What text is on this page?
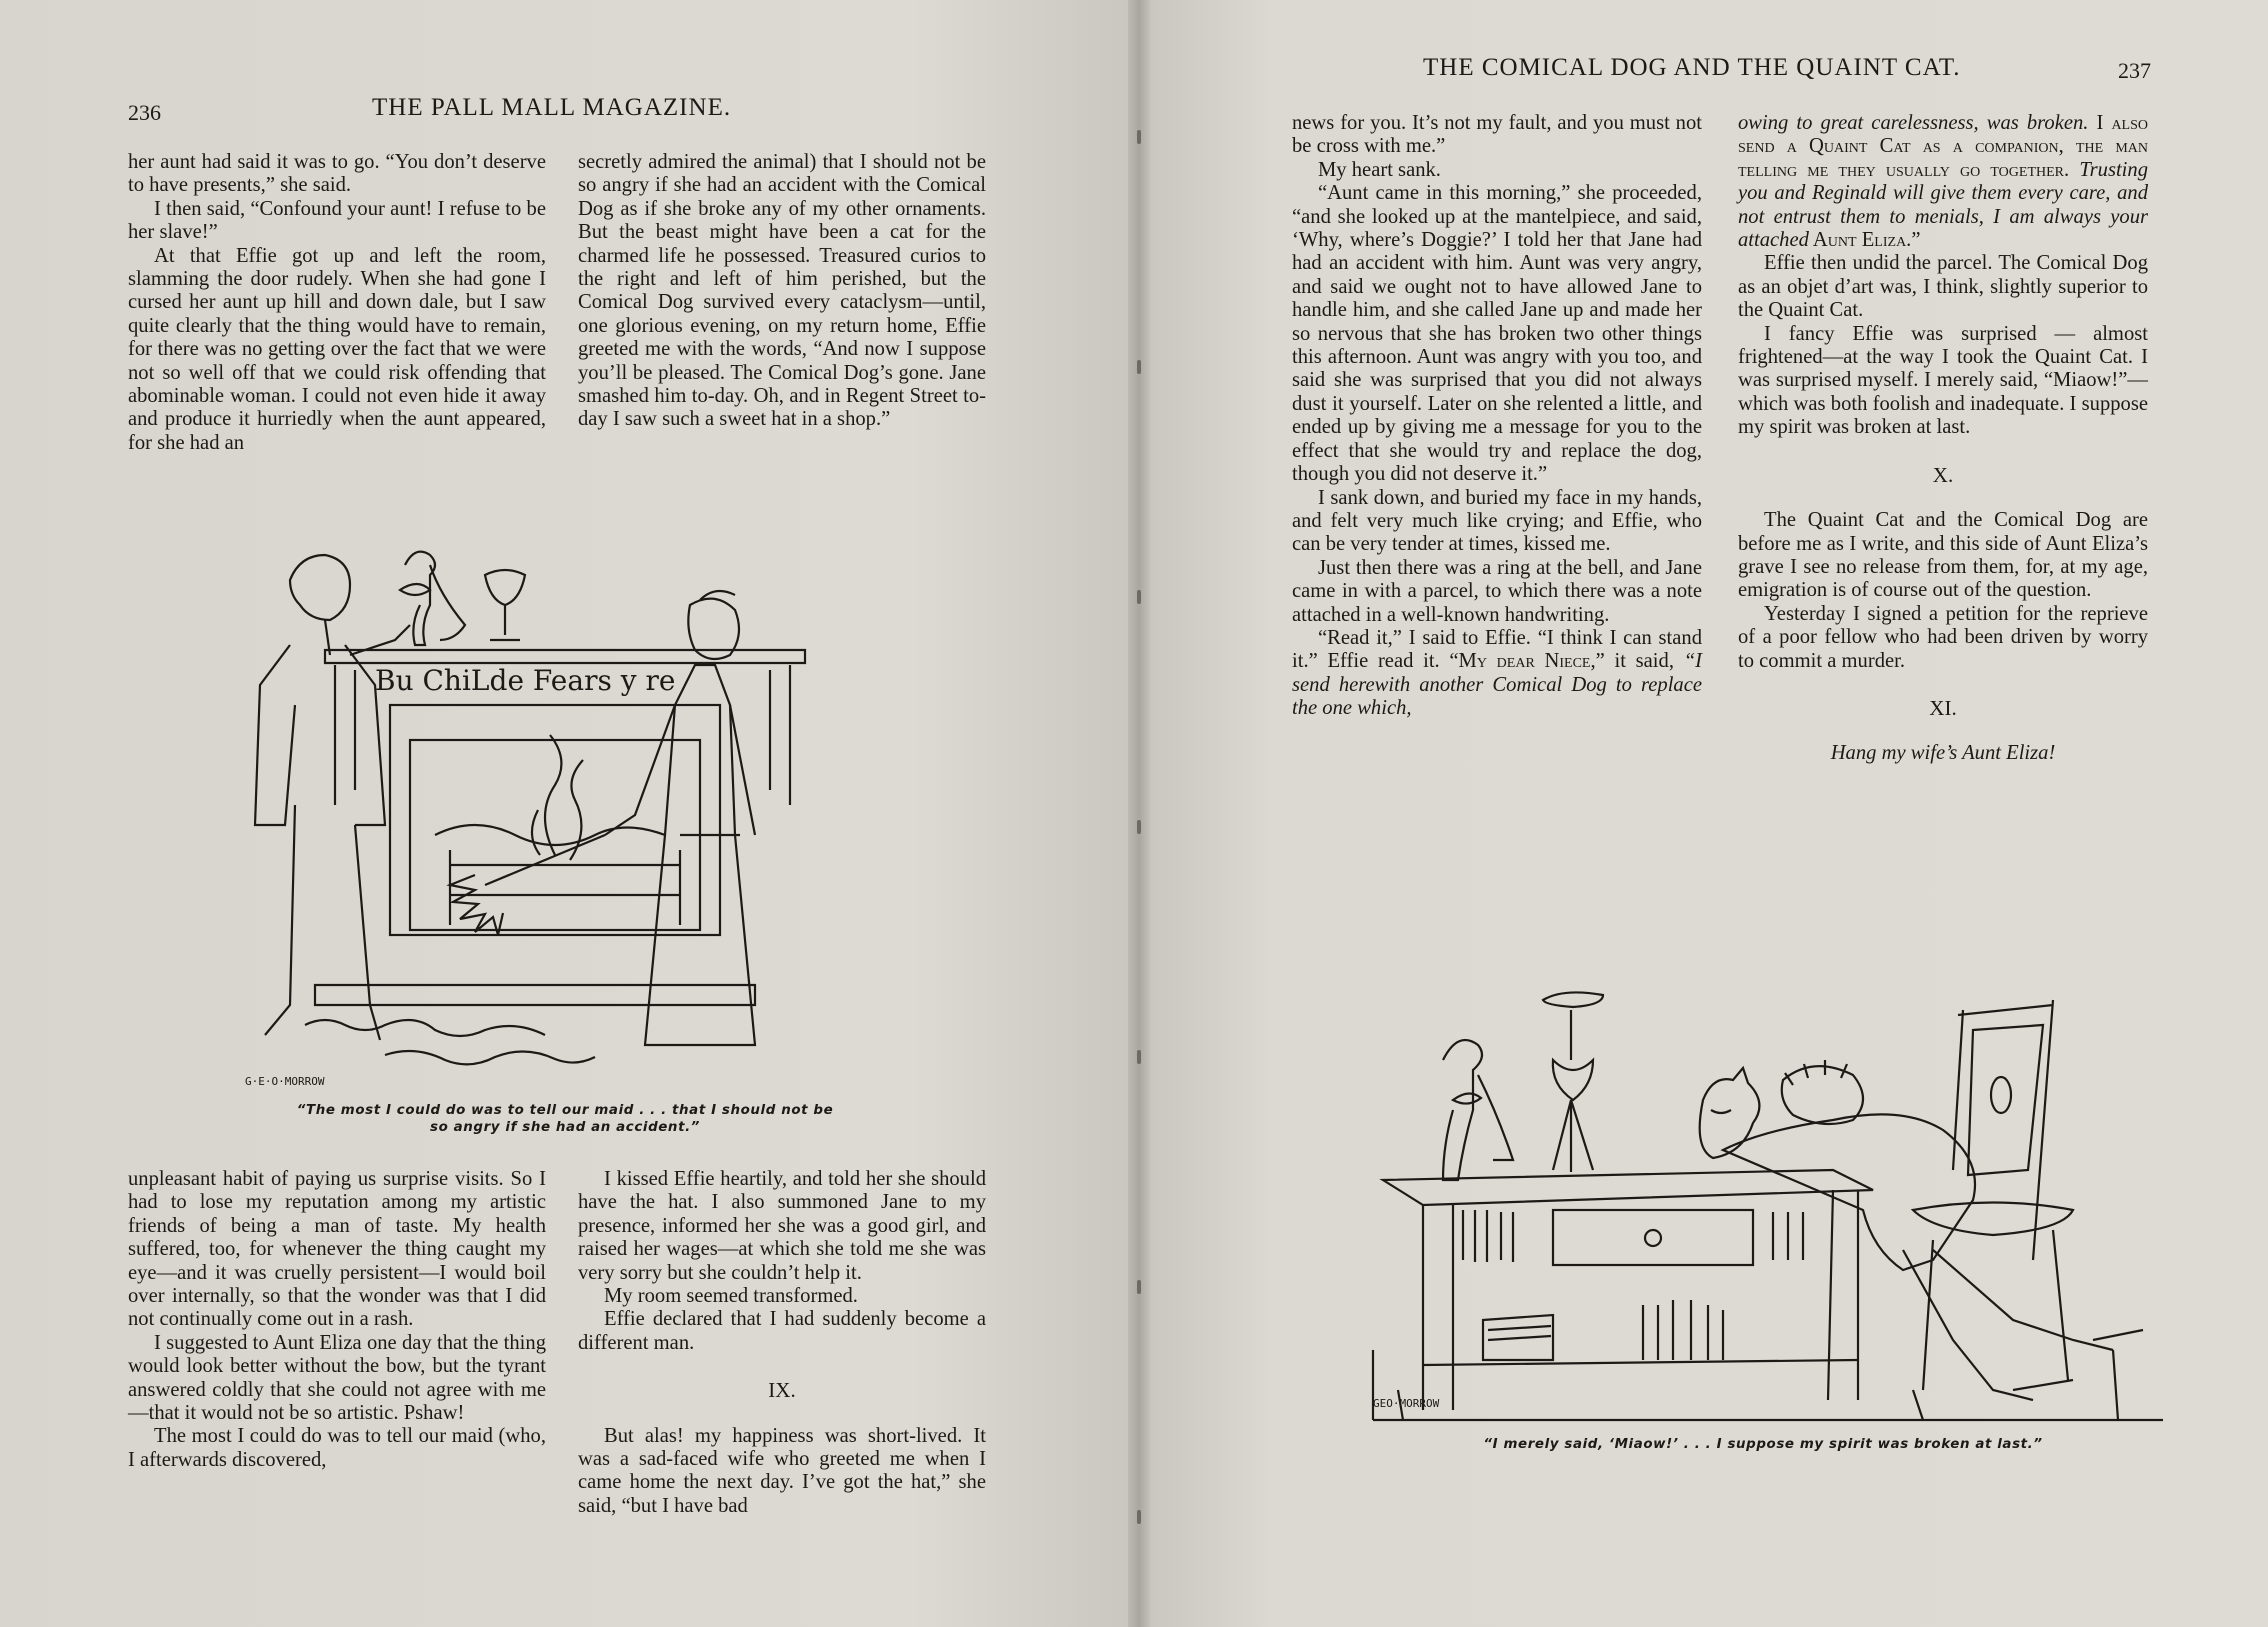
236	THE PALL MALL MAGAZINE.

her aunt had said it was to go. “You don’t deserve to have presents,” she said.

I then said, “Confound your aunt! I refuse to be her slave!”

At that Effie got up and left the room, slamming the door rudely. When she had gone I cursed her aunt up hill and down dale, but I saw quite clearly that the thing would have to remain, for there was no getting over the fact that we were not so well off that we could risk offending that abominable woman. I could not even hide it away and produce it hurriedly when the aunt appeared, for she had an

secretly admired the animal) that I should not be so angry if she had an accident with the Comical Dog as if she broke any of my other ornaments. But the beast might have been a cat for the charmed life he possessed. Treasured curios to the right and left of him perished, but the Comical Dog survived every cataclysm—until, one glorious evening, on my return home, Effie greeted me with the words, “And now I suppose you’ll be pleased. The Comical Dog’s gone. Jane smashed him to-day. Oh, and in Regent Street to-day I saw such a sweet hat in a shop.”

Bu ChiLde Fears y re
G·E·O·MORROW
“The most I could do was to tell our maid . . . that I should not be so angry if she had an accident.”

unpleasant habit of paying us surprise visits. So I had to lose my reputation among my artistic friends of being a man of taste. My health suffered, too, for whenever the thing caught my eye—and it was cruelly persistent—I would boil over internally, so that the wonder was that I did not continually come out in a rash.

I suggested to Aunt Eliza one day that the thing would look better without the bow, but the tyrant answered coldly that she could not agree with me—that it would not be so artistic. Pshaw!

The most I could do was to tell our maid (who, I afterwards discovered,

I kissed Effie heartily, and told her she should have the hat. I also summoned Jane to my presence, informed her she was a good girl, and raised her wages—at which she told me she was very sorry but she couldn’t help it.

My room seemed transformed.

Effie declared that I had suddenly become a different man.

IX.

But alas! my happiness was short-lived. It was a sad-faced wife who greeted me when I came home the next day. I’ve got the hat,” she said, “but I have bad

THE COMICAL DOG AND THE QUAINT CAT.	237

news for you. It’s not my fault, and you must not be cross with me.”

My heart sank.

“Aunt came in this morning,” she proceeded, “and she looked up at the mantelpiece, and said, ‘Why, where’s Doggie?’ I told her that Jane had had an accident with him. Aunt was very angry, and said we ought not to have allowed Jane to handle him, and she called Jane up and made her so nervous that she has broken two other things this afternoon. Aunt was angry with you too, and said she was surprised that you did not always dust it yourself. Later on she relented a little, and ended up by giving me a message for you to the effect that she would try and replace the dog, though you did not deserve it.”

I sank down, and buried my face in my hands, and felt very much like crying; and Effie, who can be very tender at times, kissed me.

Just then there was a ring at the bell, and Jane came in with a parcel, to which there was a note attached in a well-known handwriting.

“Read it,” I said to Effie. “I think I can stand it.” Effie read it. “My dear Niece,” it said, “I send herewith another Comical Dog to replace the one which,

owing to great carelessness, was broken. I also send a Quaint Cat as a companion, the man telling me they usually go together. Trusting you and Reginald will give them every care, and not entrust them to menials, I am always your attached Aunt Eliza.”

Effie then undid the parcel. The Comical Dog as an objet d’art was, I think, slightly superior to the Quaint Cat.

I fancy Effie was surprised — almost frightened—at the way I took the Quaint Cat. I was surprised myself. I merely said, “Miaow!”—which was both foolish and inadequate. I suppose my spirit was broken at last.

X.

The Quaint Cat and the Comical Dog are before me as I write, and this side of Aunt Eliza’s grave I see no release from them, for, at my age, emigration is of course out of the question.

Yesterday I signed a petition for the reprieve of a poor fellow who had been driven by worry to commit a murder.

XI.

Hang my wife’s Aunt Eliza!

GEO·MORROW
“I merely said, ‘Miaow!’ . . . I suppose my spirit was broken at last.”
